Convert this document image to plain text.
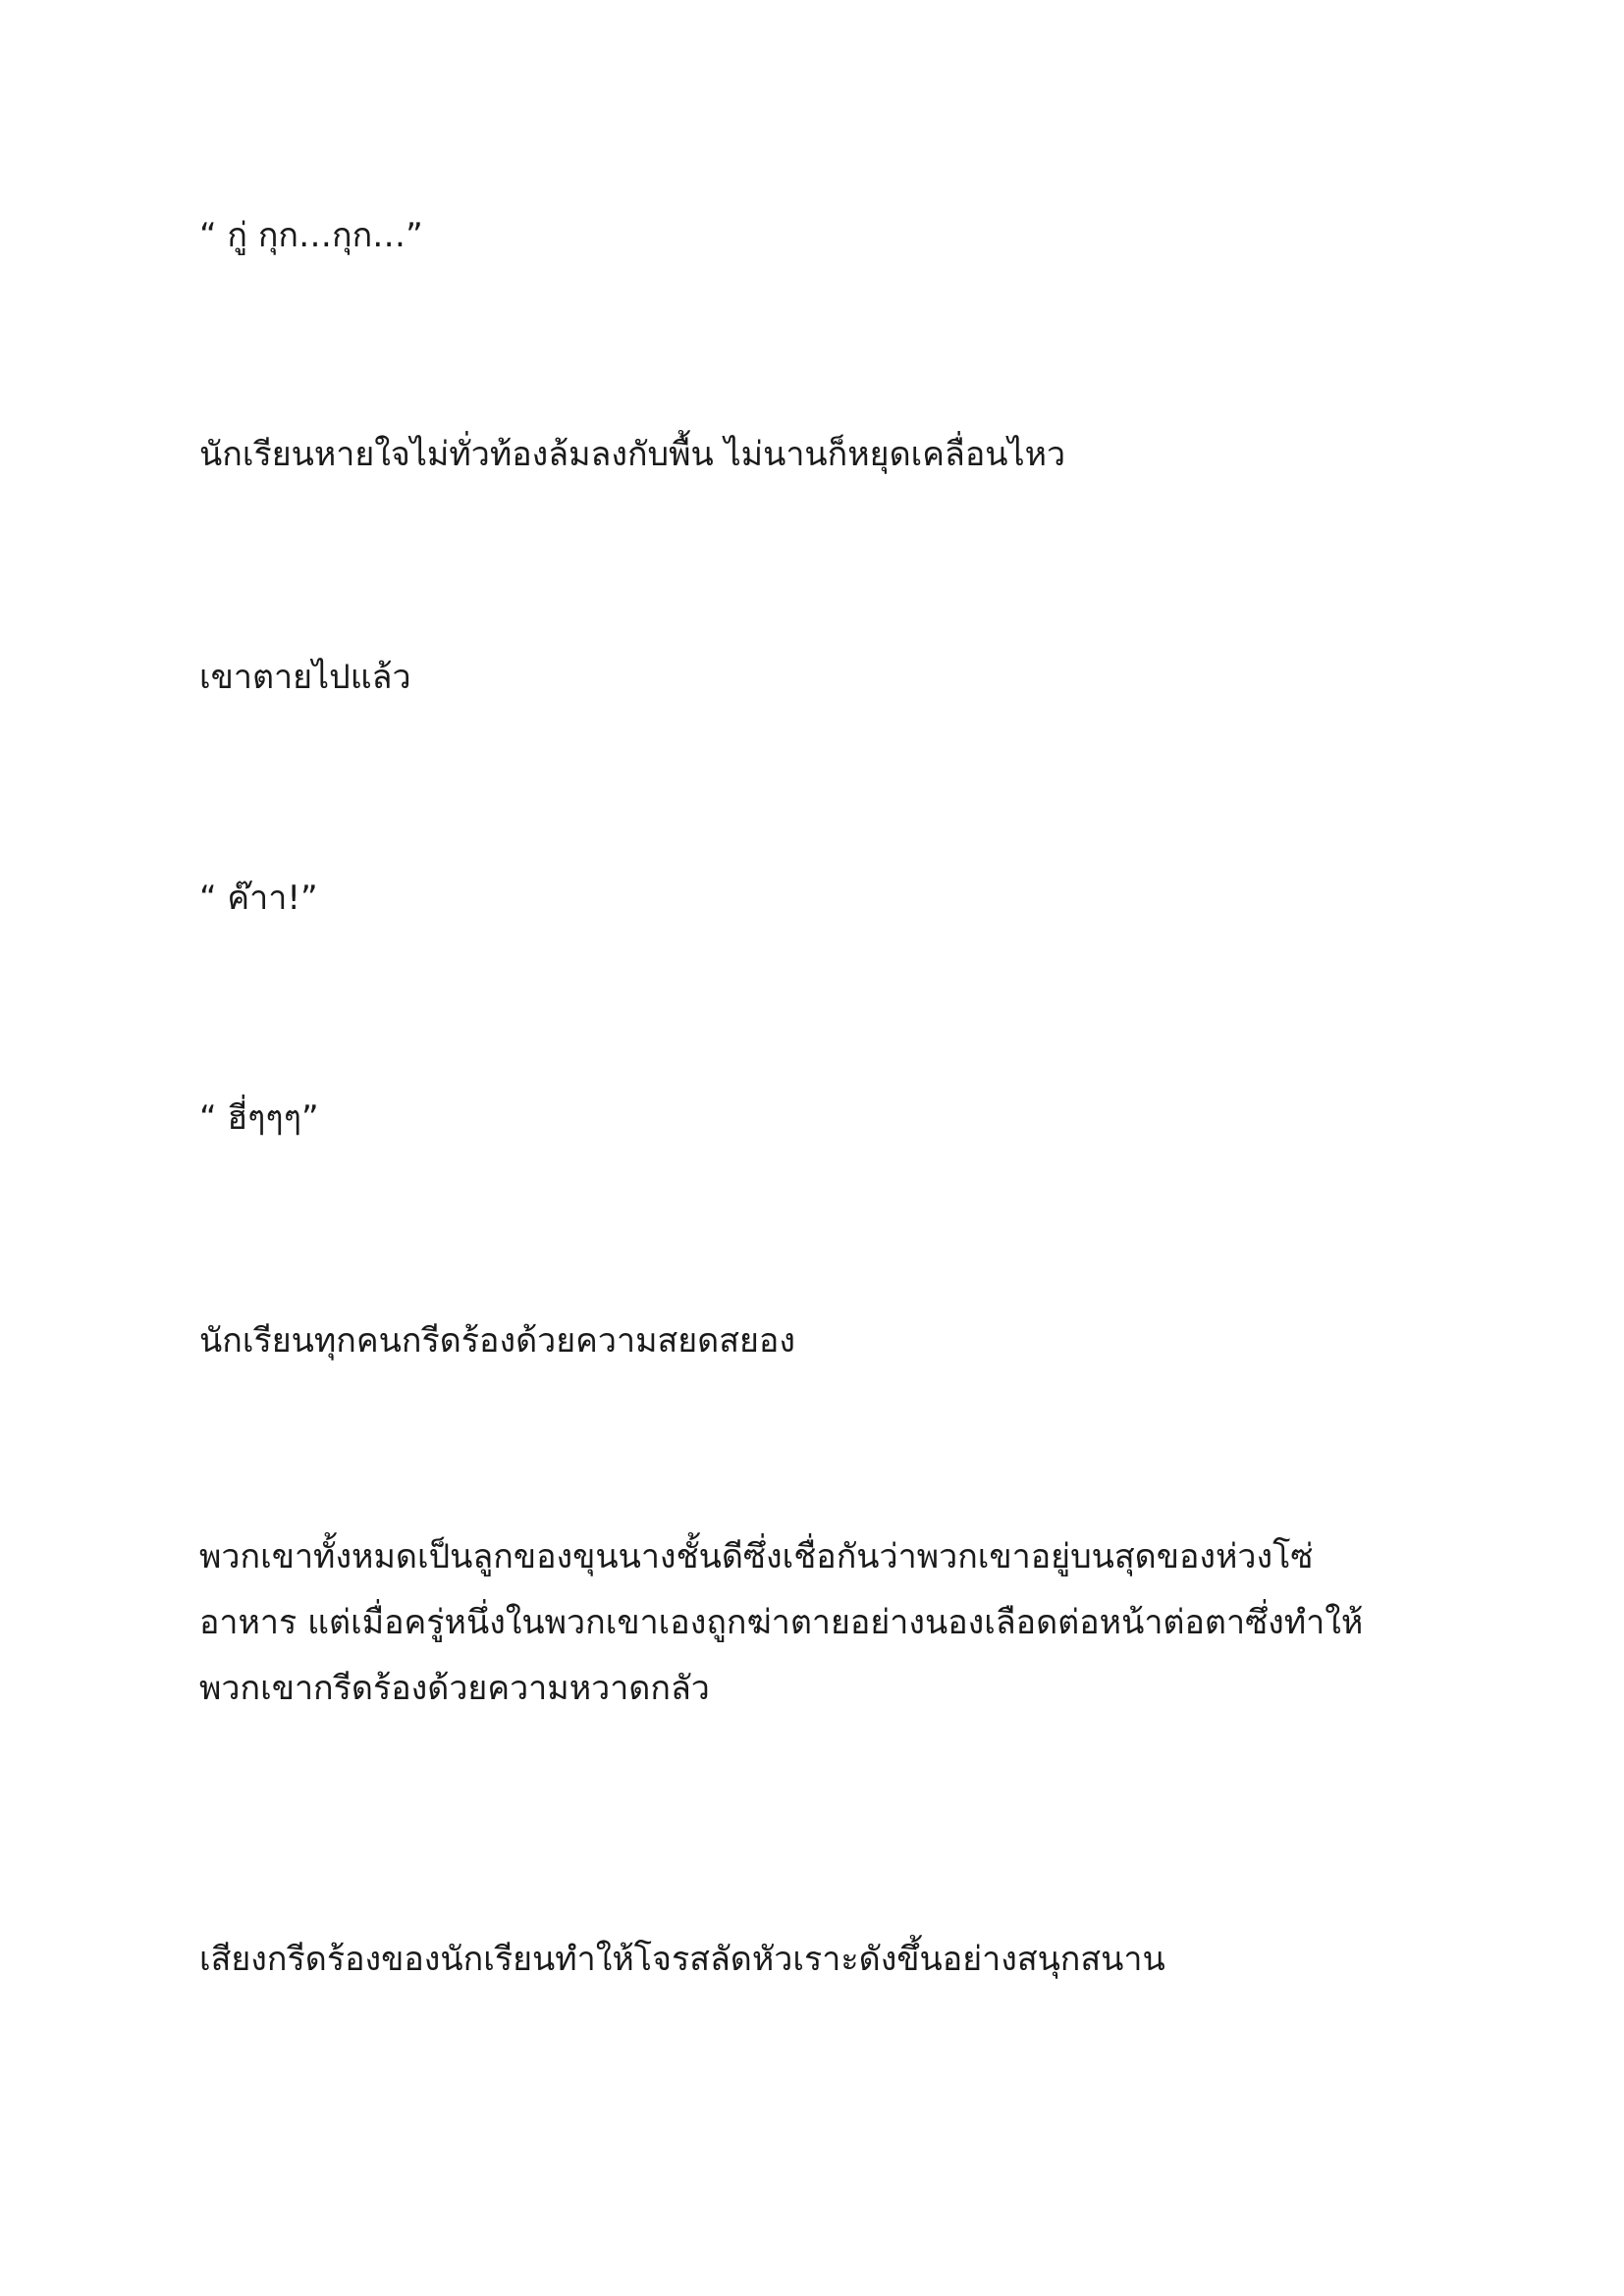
“ กู่ กุก…กุก…”

นักเรียนหายใจไม่ทั่วท้องล้มลงกับพื้น ไม่นานก็หยุดเคลื่อนไหว

เขาตายไปแล้ว

“ ค๊าา!”

“ ฮี่ๆๆๆ”

นักเรียนทุกคนกรีดร้องด้วยความสยดสยอง

พวกเขาทั้งหมดเป็นลูกของขุนนางชั้นดีซึ่งเชื่อกันว่าพวกเขาอยู่บนสุดของห่วงโซ่
อาหาร แต่เมื่อครู่หนึ่งในพวกเขาเองถูกฆ่าตายอย่างนองเลือดต่อหน้าต่อตาซึ่งทำให้
พวกเขากรีดร้องด้วยความหวาดกลัว

เสียงกรีดร้องของนักเรียนทำให้โจรสลัดหัวเราะดังขึ้นอย่างสนุกสนาน
